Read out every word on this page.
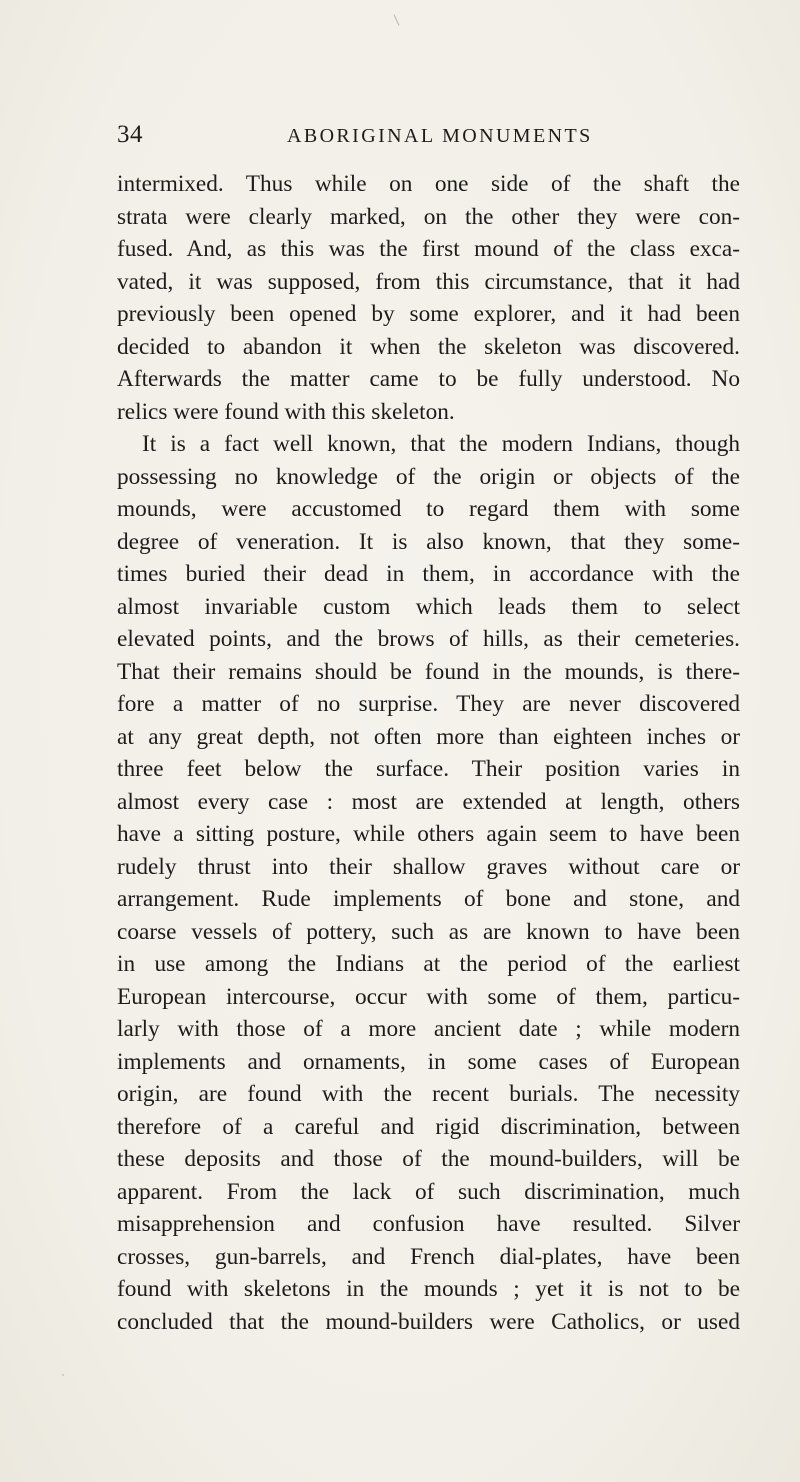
34	ABORIGINAL MONUMENTS
intermixed. Thus while on one side of the shaft the
strata were clearly marked, on the other they were con-
fused. And, as this was the first mound of the class exca-
vated, it was supposed, from this circumstance, that it had
previously been opened by some explorer, and it had been
decided to abandon it when the skeleton was discovered.
Afterwards the matter came to be fully understood. No
relics were found with this skeleton.
It is a fact well known, that the modern Indians, though
possessing no knowledge of the origin or objects of the
mounds, were accustomed to regard them with some
degree of veneration. It is also known, that they some-
times buried their dead in them, in accordance with the
almost invariable custom which leads them to select
elevated points, and the brows of hills, as their cemeteries.
That their remains should be found in the mounds, is there-
fore a matter of no surprise. They are never discovered
at any great depth, not often more than eighteen inches or
three feet below the surface. Their position varies in
almost every case : most are extended at length, others
have a sitting posture, while others again seem to have been
rudely thrust into their shallow graves without care or
arrangement. Rude implements of bone and stone, and
coarse vessels of pottery, such as are known to have been
in use among the Indians at the period of the earliest
European intercourse, occur with some of them, particu-
larly with those of a more ancient date ; while modern
implements and ornaments, in some cases of European
origin, are found with the recent burials. The necessity
therefore of a careful and rigid discrimination, between
these deposits and those of the mound-builders, will be
apparent. From the lack of such discrimination, much
misapprehension and confusion have resulted. Silver
crosses, gun-barrels, and French dial-plates, have been
found with skeletons in the mounds ; yet it is not to be
concluded that the mound-builders were Catholics, or used
